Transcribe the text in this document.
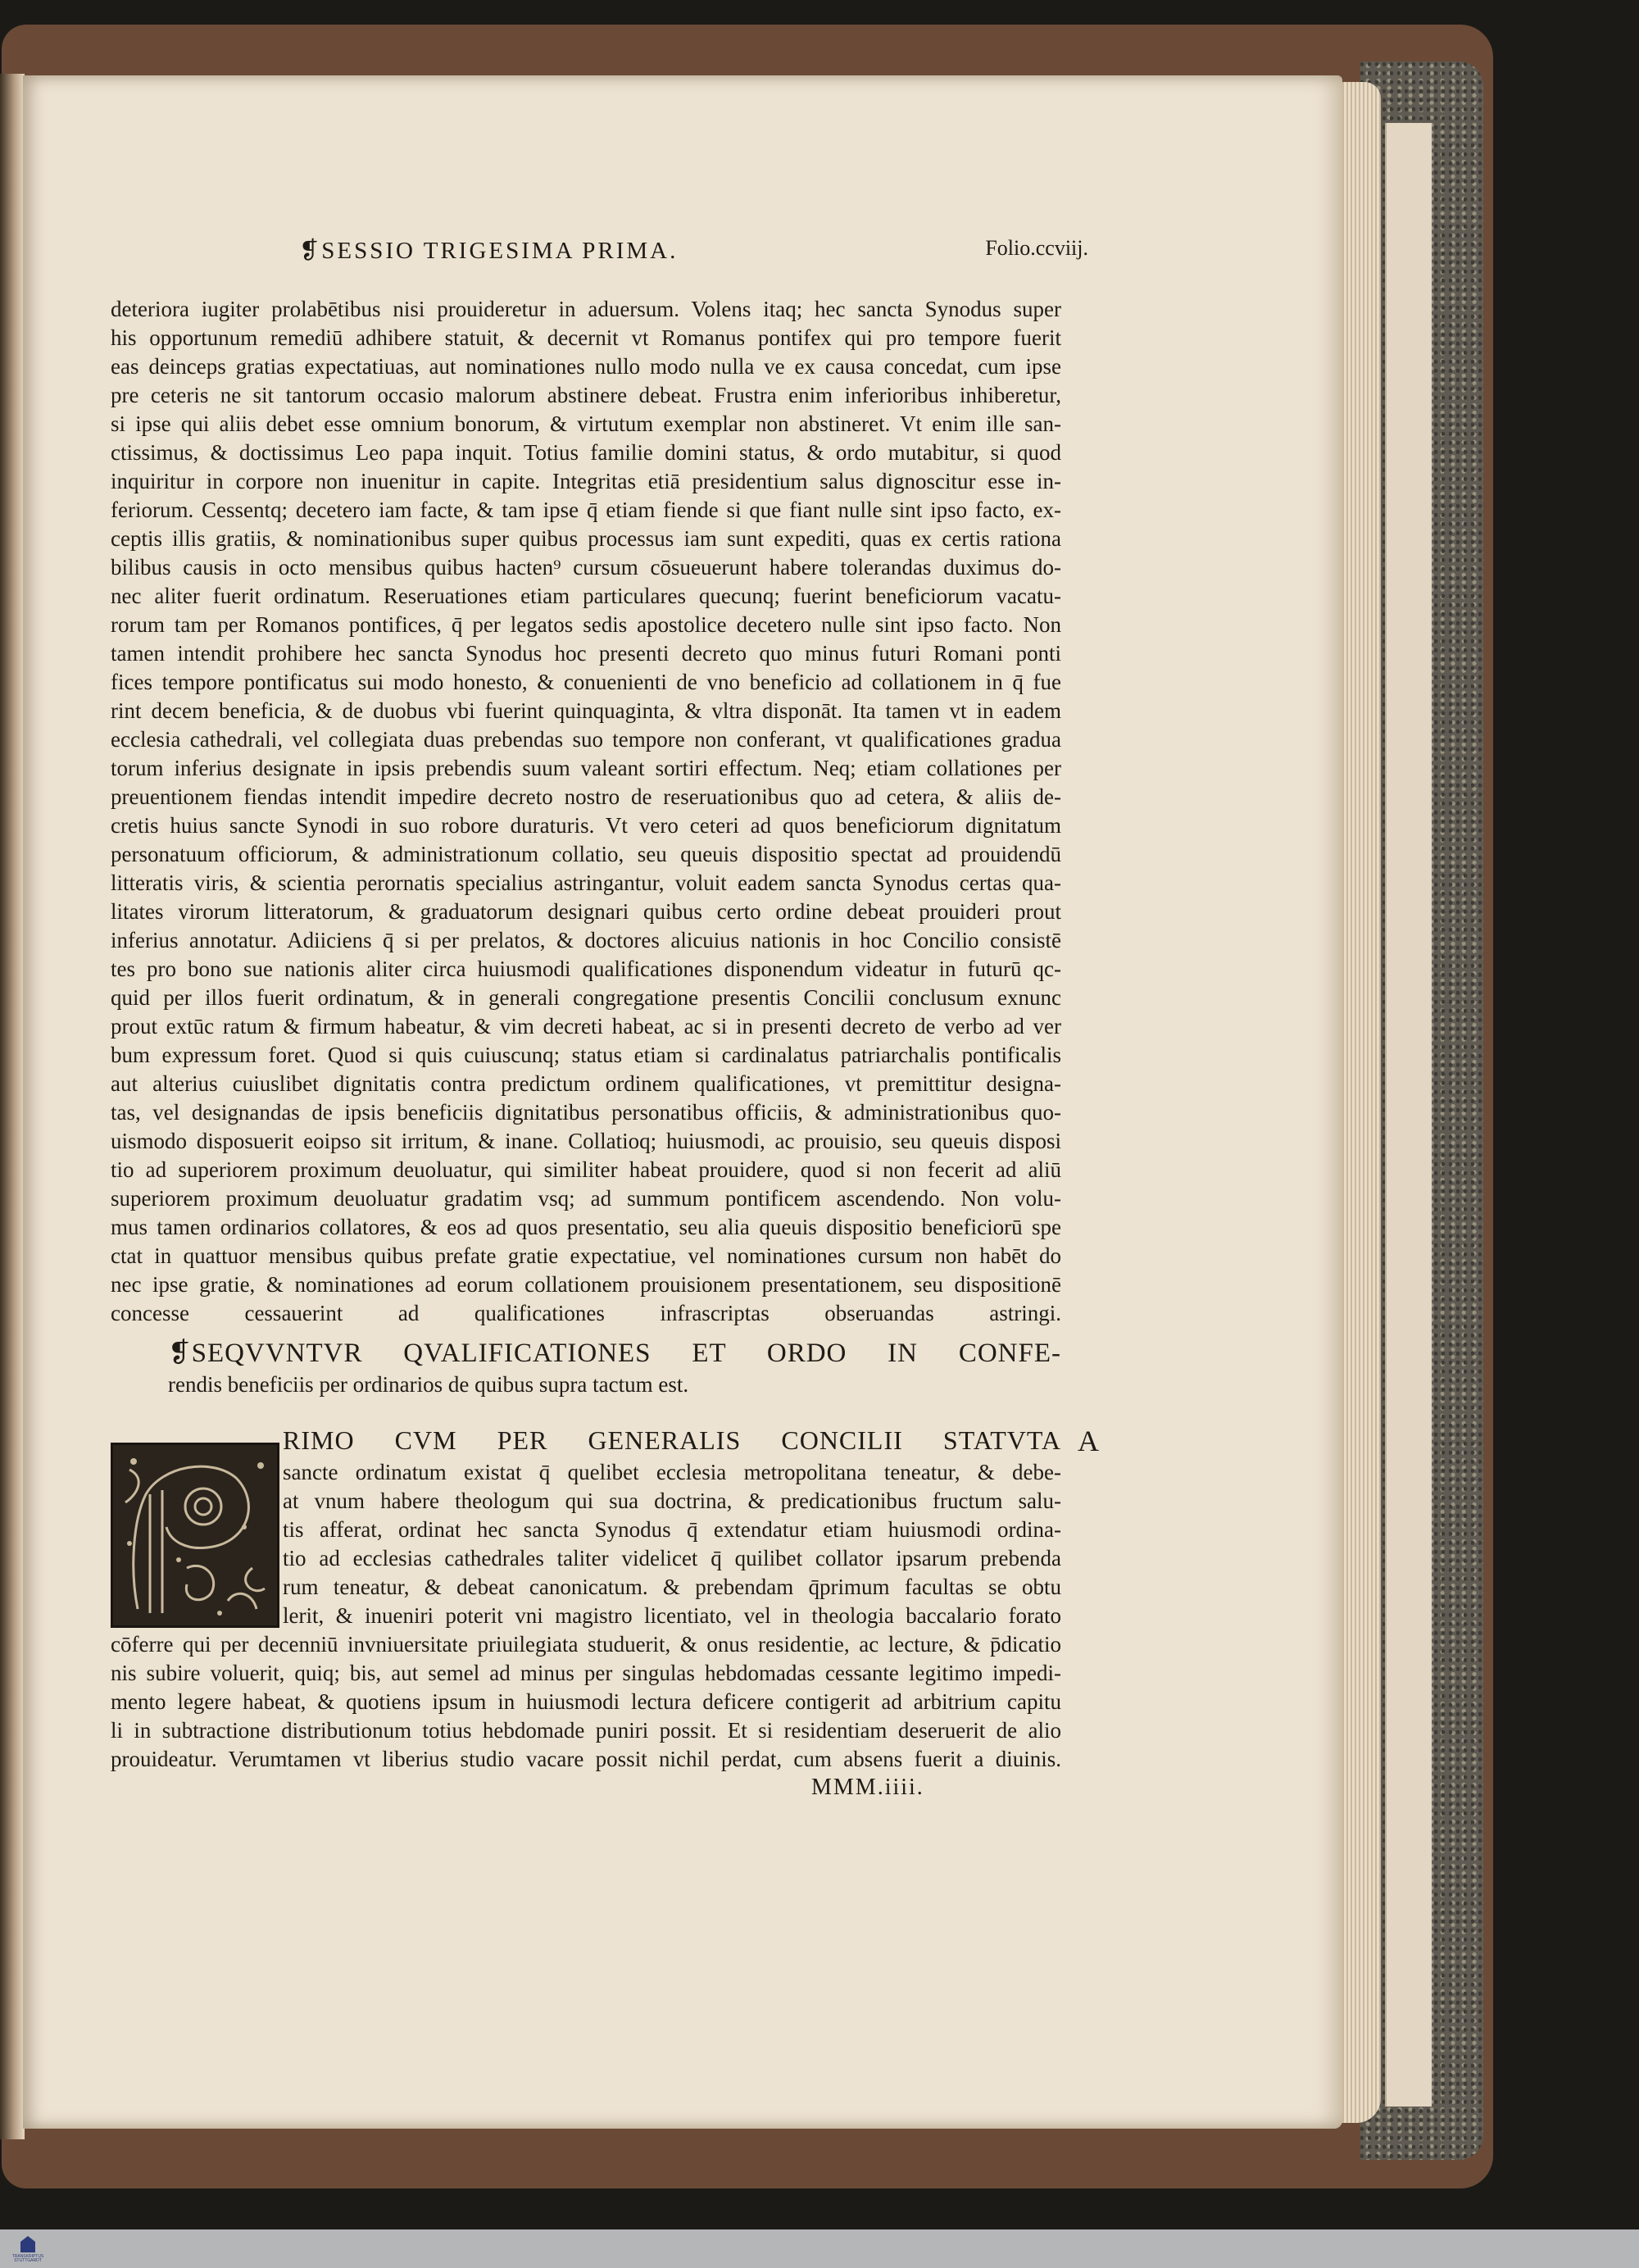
❡SESSIO TRIGESIMA PRIMA.	Folio.ccviij.
deteriora iugiter prolabētibus nisi prouideretur in aduersum. Volens itaq; hec sancta Synodus super
his opportunum remediū adhibere statuit, & decernit vt Romanus pontifex qui pro tempore fuerit
eas deinceps gratias expectatiuas, aut nominationes nullo modo nulla ve ex causa concedat, cum ipse
pre ceteris ne sit tantorum occasio malorum abstinere debeat. Frustra enim inferioribus inhiberetur,
si ipse qui aliis debet esse omnium bonorum, & virtutum exemplar non abstineret. Vt enim ille san-
ctissimus, & doctissimus Leo papa inquit. Totius familie domini status, & ordo mutabitur, si quod
inquiritur in corpore non inuenitur in capite. Integritas etiā presidentium salus dignoscitur esse in-
feriorum. Cessentq; decetero iam facte, & tam ipse q̄ etiam fiende si que fiant nulle sint ipso facto, ex-
ceptis illis gratiis, & nominationibus super quibus processus iam sunt expediti, quas ex certis rationa
bilibus causis in octo mensibus quibus hacten⁹ cursum cōsueuerunt habere tolerandas duximus do-
nec aliter fuerit ordinatum. Reseruationes etiam particulares quecunq; fuerint beneficiorum vacatu-
rorum tam per Romanos pontifices, q̄ per legatos sedis apostolice decetero nulle sint ipso facto. Non
tamen intendit prohibere hec sancta Synodus hoc presenti decreto quo minus futuri Romani ponti
fices tempore pontificatus sui modo honesto, & conuenienti de vno beneficio ad collationem in q̄ fue
rint decem beneficia, & de duobus vbi fuerint quinquaginta, & vltra disponāt. Ita tamen vt in eadem
ecclesia cathedrali, vel collegiata duas prebendas suo tempore non conferant, vt qualificationes gradua
torum inferius designate in ipsis prebendis suum valeant sortiri effectum. Neq; etiam collationes per
preuentionem fiendas intendit impedire decreto nostro de reseruationibus quo ad cetera, & aliis de-
cretis huius sancte Synodi in suo robore duraturis. Vt vero ceteri ad quos beneficiorum dignitatum
personatuum officiorum, & administrationum collatio, seu queuis dispositio spectat ad prouidendū
litteratis viris, & scientia perornatis specialius astringantur, voluit eadem sancta Synodus certas qua-
litates virorum litteratorum, & graduatorum designari quibus certo ordine debeat prouideri prout
inferius annotatur. Adiiciens q̄ si per prelatos, & doctores alicuius nationis in hoc Concilio consistē
tes pro bono sue nationis aliter circa huiusmodi qualificationes disponendum videatur in futurū qc-
quid per illos fuerit ordinatum, & in generali congregatione presentis Concilii conclusum exnunc
prout extūc ratum & firmum habeatur, & vim decreti habeat, ac si in presenti decreto de verbo ad ver
bum expressum foret. Quod si quis cuiuscunq; status etiam si cardinalatus patriarchalis pontificalis
aut alterius cuiuslibet dignitatis contra predictum ordinem qualificationes, vt premittitur designa-
tas, vel designandas de ipsis beneficiis dignitatibus personatibus officiis, & administrationibus quo-
uismodo disposuerit eoipso sit irritum, & inane. Collatioq; huiusmodi, ac prouisio, seu queuis disposi
tio ad superiorem proximum deuoluatur, qui similiter habeat prouidere, quod si non fecerit ad aliū
superiorem proximum deuoluatur gradatim vsq; ad summum pontificem ascendendo. Non volu-
mus tamen ordinarios collatores, & eos ad quos presentatio, seu alia queuis dispositio beneficiorū spe
ctat in quattuor mensibus quibus prefate gratie expectatiue, vel nominationes cursum non habēt do
nec ipse gratie, & nominationes ad eorum collationem prouisionem presentationem, seu dispositionē
concesse cessauerint ad qualificationes infrascriptas obseruandas astringi.
❡SEQVVNTVR QVALIFICATIONES ET ORDO IN CONFE-
rendis beneficiis per ordinarios de quibus supra tactum est.
A
RIMO CVM PER GENERALIS CONCILII STATVTA
sancte ordinatum existat q̄ quelibet ecclesia metropolitana teneatur, & debe-
at vnum habere theologum qui sua doctrina, & predicationibus fructum salu-
tis afferat, ordinat hec sancta Synodus q̄ extendatur etiam huiusmodi ordina-
tio ad ecclesias cathedrales taliter videlicet q̄ quilibet collator ipsarum prebenda
rum teneatur, & debeat canonicatum. & prebendam q̄primum facultas se obtu
lerit, & inueniri poterit vni magistro licentiato, vel in theologia baccalario forato
cōferre qui per decenniū invniuersitate priuilegiata studuerit, & onus residentie, ac lecture, & p̄dicatio
nis subire voluerit, quiq; bis, aut semel ad minus per singulas hebdomadas cessante legitimo impedi-
mento legere habeat, & quotiens ipsum in huiusmodi lectura deficere contigerit ad arbitrium capitu
li in subtractione distributionum totius hebdomade puniri possit. Et si residentiam deseruerit de alio
prouideatur. Verumtamen vt liberius studio vacare possit nichil perdat, cum absens fuerit a diuinis.
MMM.iiii.
TRANSKRIPTUS STUTTGARDT
